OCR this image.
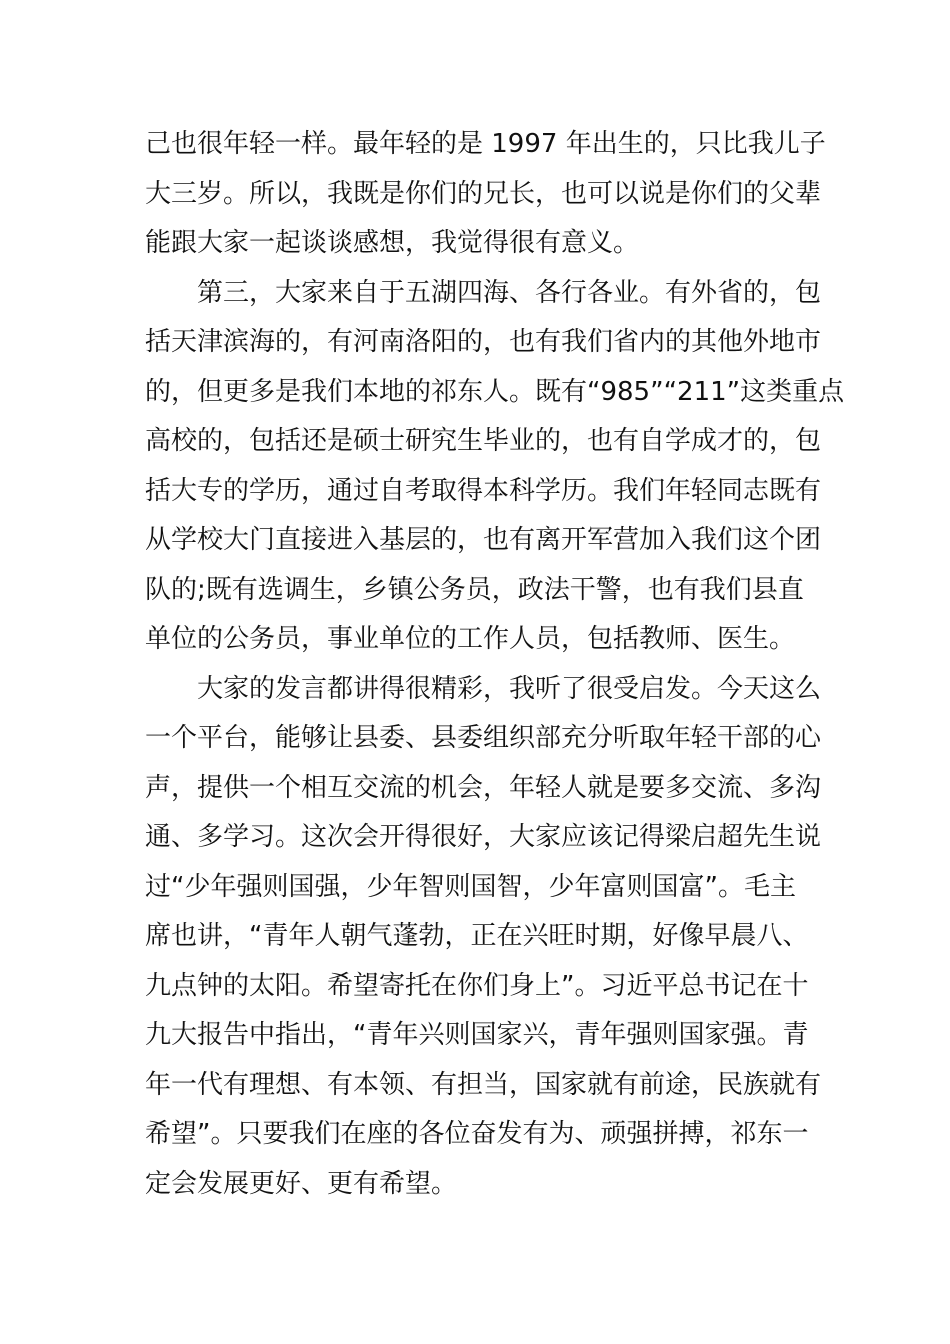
己也很年轻一样。最年轻的是 1997 年出生的，只比我儿子
大三岁。所以，我既是你们的兄长，也可以说是你们的父辈
能跟大家一起谈谈感想，我觉得很有意义。
第三，大家来自于五湖四海、各行各业。有外省的，包
括天津滨海的，有河南洛阳的，也有我们省内的其他外地市
的，但更多是我们本地的祁东人。既有“985”“211”这类重点
高校的，包括还是硕士研究生毕业的，也有自学成才的，包
括大专的学历，通过自考取得本科学历。我们年轻同志既有
从学校大门直接进入基层的，也有离开军营加入我们这个团
队的;既有选调生，乡镇公务员，政法干警，也有我们县直
单位的公务员，事业单位的工作人员，包括教师、医生。
大家的发言都讲得很精彩，我听了很受启发。今天这么
一个平台，能够让县委、县委组织部充分听取年轻干部的心
声，提供一个相互交流的机会，年轻人就是要多交流、多沟
通、多学习。这次会开得很好，大家应该记得梁启超先生说
过“少年强则国强，少年智则国智，少年富则国富”。毛主
席也讲，“青年人朝气蓬勃，正在兴旺时期，好像早晨八、
九点钟的太阳。希望寄托在你们身上”。习近平总书记在十
九大报告中指出，“青年兴则国家兴，青年强则国家强。青
年一代有理想、有本领、有担当，国家就有前途，民族就有
希望”。只要我们在座的各位奋发有为、顽强拼搏，祁东一
定会发展更好、更有希望。
